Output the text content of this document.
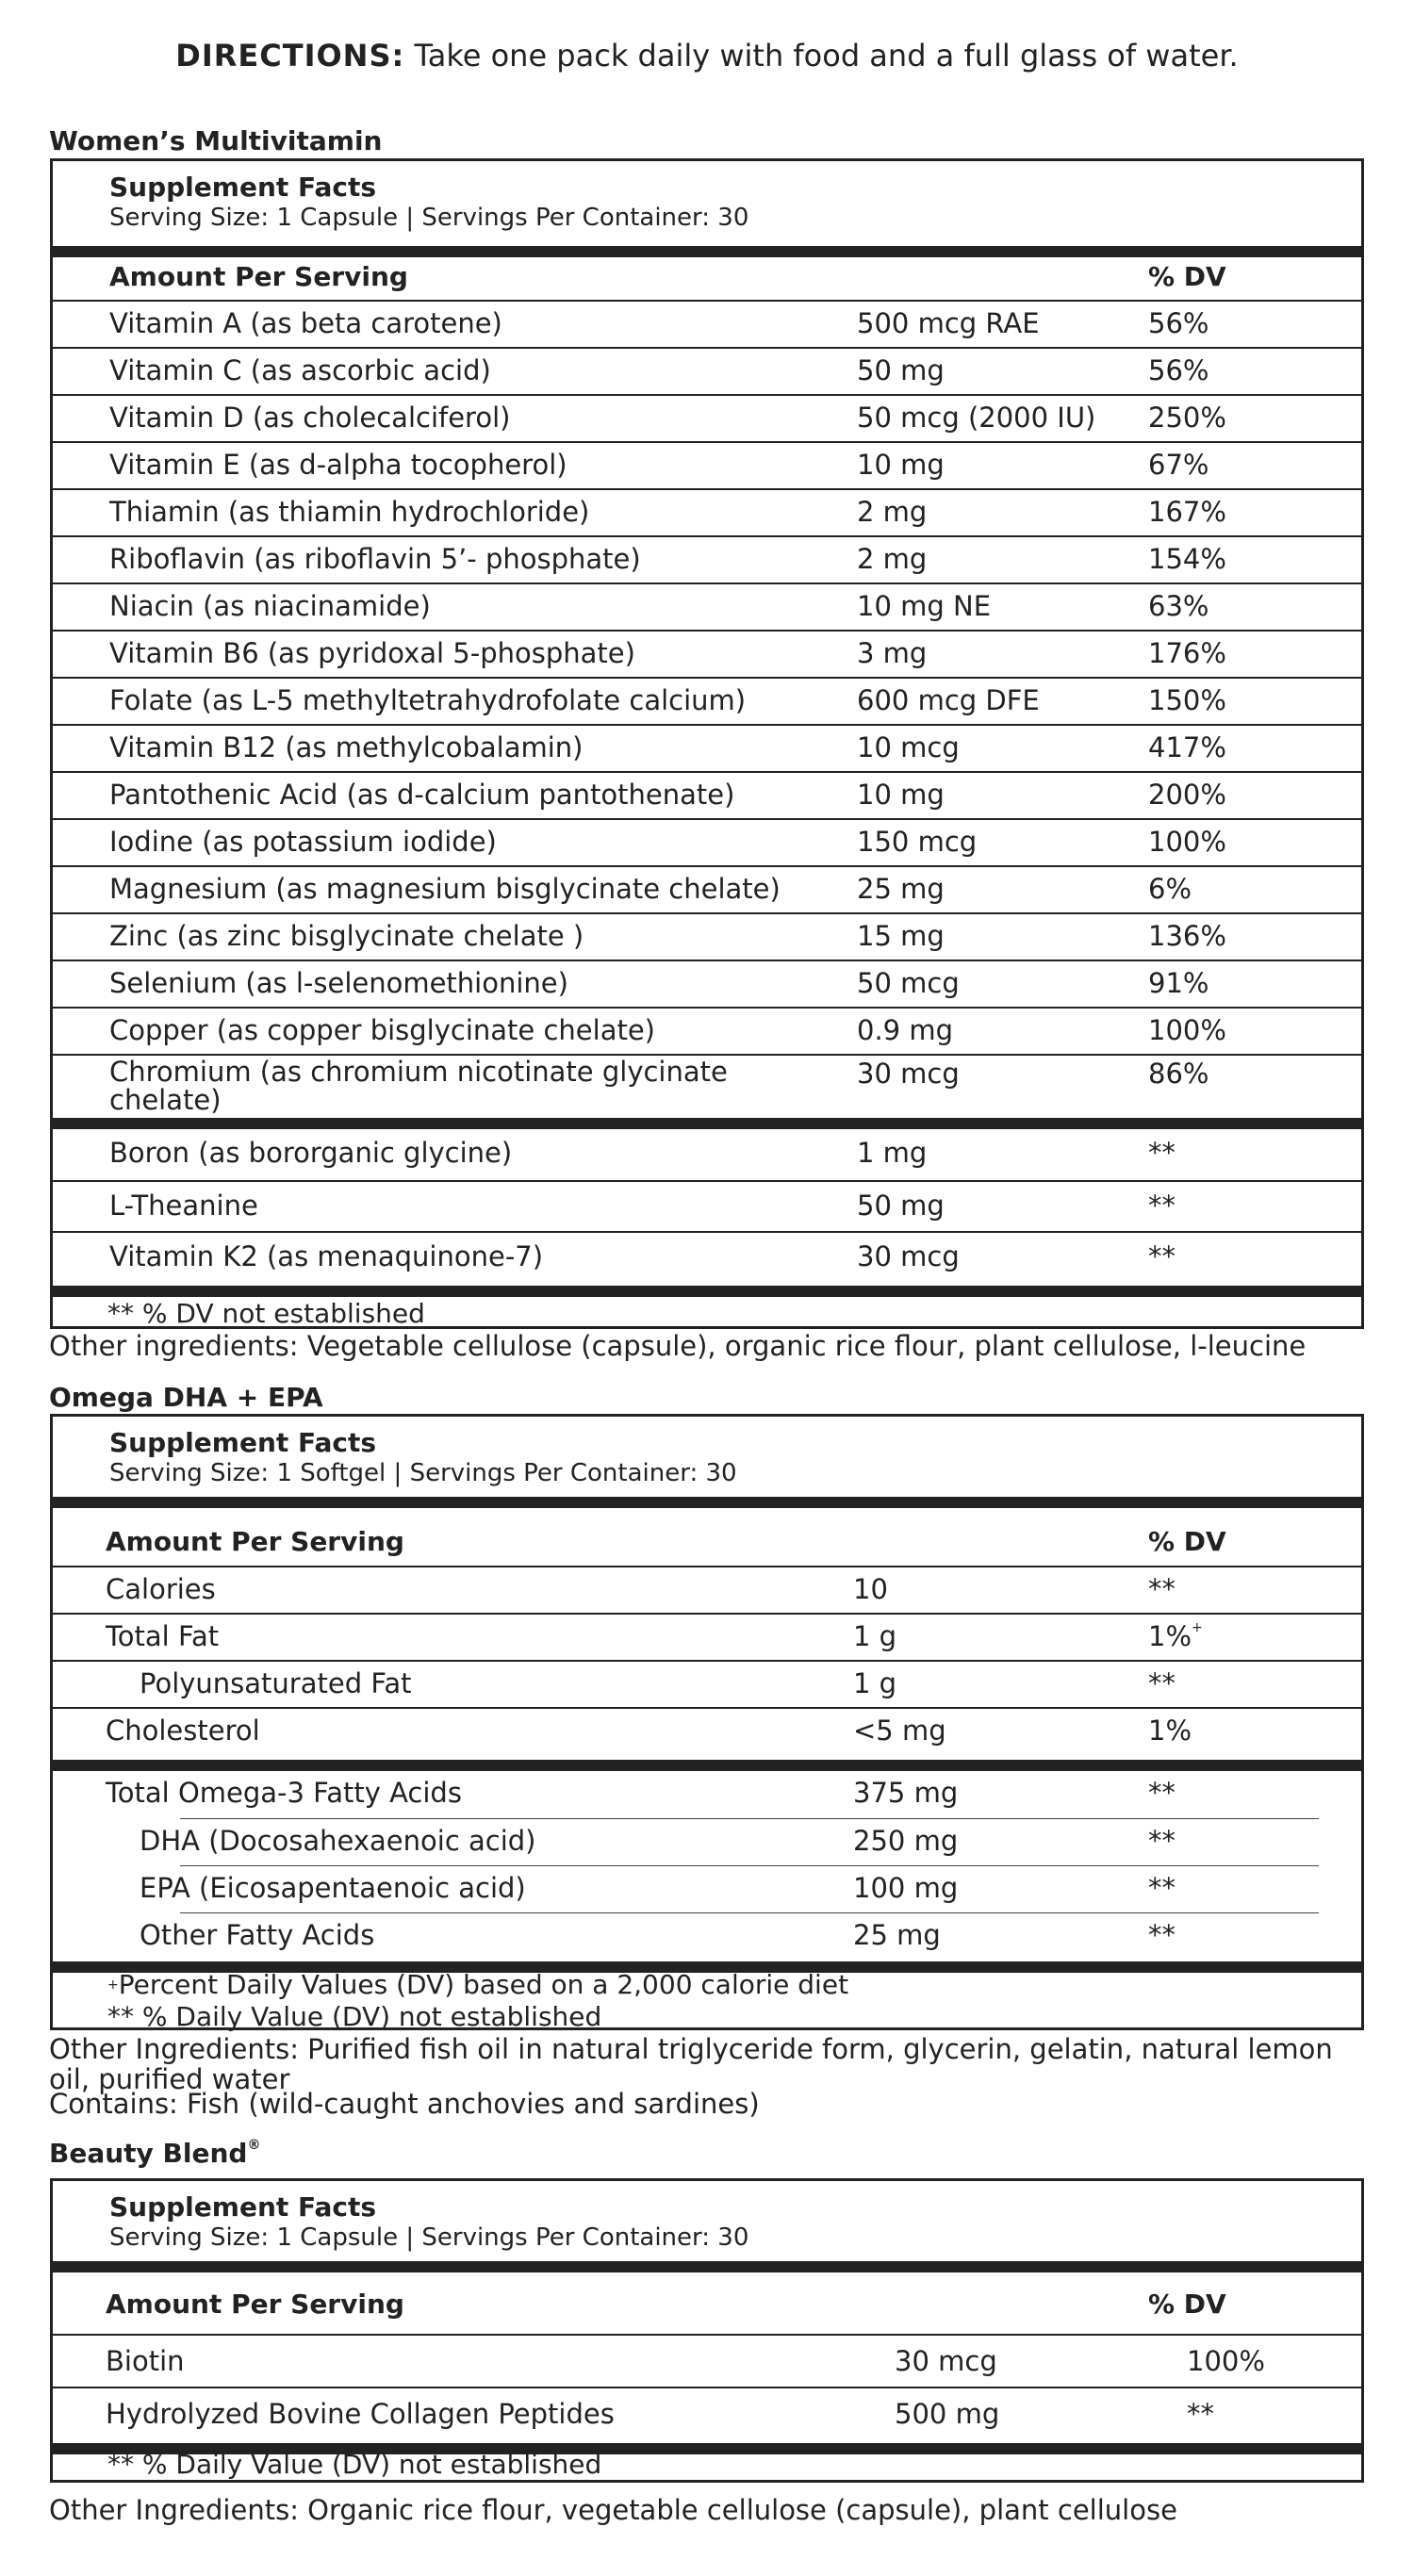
DIRECTIONS: Take one pack daily with food and a full glass of water.
Women’s Multivitamin
Supplement Facts
Serving Size: 1 Capsule | Servings Per Container: 30
Amount Per Serving	% DV
Vitamin A (as beta carotene)	500 mcg RAE	56%
Vitamin C (as ascorbic acid)	50 mg	56%
Vitamin D (as cholecalciferol)	50 mcg (2000 IU) 250%
Vitamin E (as d-alpha tocopherol)	10 mg	67%
Thiamin (as thiamin hydrochloride)	2 mg	167%
Riboflavin (as riboflavin 5’- phosphate)	2 mg	154%
Niacin (as niacinamide)	10 mg NE	63%
Vitamin B6 (as pyridoxal 5-phosphate)	3 mg	176%
Folate (as L-5 methyltetrahydrofolate calcium)	600 mcg DFE	150%
Vitamin B12 (as methylcobalamin)	10 mcg	417%
Pantothenic Acid (as d-calcium pantothenate)	10 mg	200%
Iodine (as potassium iodide)	150 mcg	100%
Magnesium (as magnesium bisglycinate chelate)	25 mg	6%
Zinc (as zinc bisglycinate chelate )	15 mg	136%
Selenium (as l-selenomethionine)	50 mcg	91%
Copper (as copper bisglycinate chelate)	0.9 mg	100%
Chromium (as chromium nicotinate glycinate chelate)
30 mcg	86%
Boron (as bororganic glycine)	1 mg	**
L-Theanine	50 mg	**
Vitamin K2 (as menaquinone-7)	30 mcg	**
** % DV not established
Other ingredients: Vegetable cellulose (capsule), organic rice flour, plant cellulose, l-leucine
Omega DHA + EPA
Supplement Facts
Serving Size: 1 Softgel | Servings Per Container: 30
Amount Per Serving	% DV
Calories	10	**
Total Fat	1 g	1%+
Polyunsaturated Fat	1 g	**
Cholesterol	<5 mg	1%
Total Omega-3 Fatty Acids	375 mg	**
DHA (Docosahexaenoic acid)	250 mg	**
EPA (Eicosapentaenoic acid)	100 mg	**
Other Fatty Acids	25 mg	**
+Percent Daily Values (DV) based on a 2,000 calorie diet
** % Daily Value (DV) not established
Other Ingredients: Purified fish oil in natural triglyceride form, glycerin, gelatin, natural lemon oil, purified water
Contains: Fish (wild-caught anchovies and sardines)
Beauty Blend®
Supplement Facts
Serving Size: 1 Capsule | Servings Per Container: 30
Amount Per Serving	% DV
Biotin	30 mcg	100%
Hydrolyzed Bovine Collagen Peptides	500 mg	**
** % Daily Value (DV) not established
Other Ingredients: Organic rice flour, vegetable cellulose (capsule), plant cellulose
